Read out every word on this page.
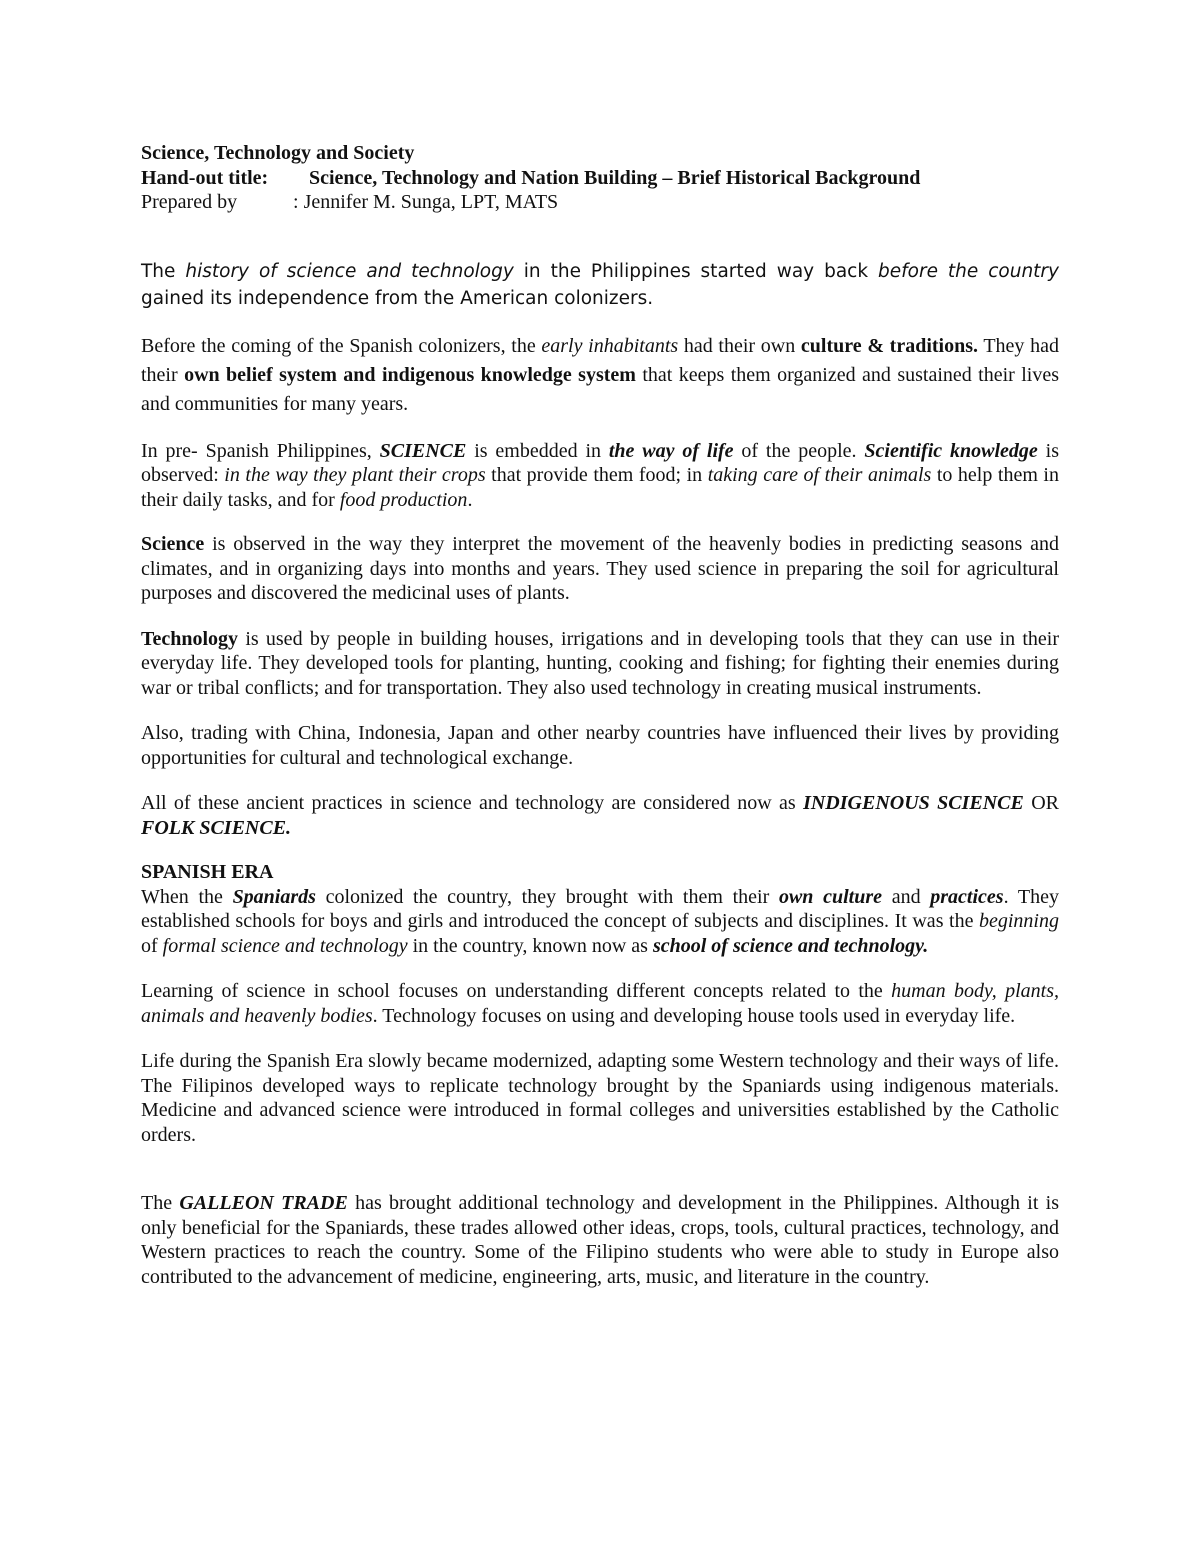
Science, Technology and Society
Hand-out title: Science, Technology and Nation Building – Brief Historical Background
Prepared by	: Jennifer M. Sunga, LPT, MATS

The history of science and technology in the Philippines started way back before the country gained its independence from the American colonizers.

Before the coming of the Spanish colonizers, the early inhabitants had their own culture & traditions. They had their own belief system and indigenous knowledge system that keeps them organized and sustained their lives and communities for many years.

In pre- Spanish Philippines, SCIENCE is embedded in the way of life of the people. Scientific knowledge is observed: in the way they plant their crops that provide them food; in taking care of their animals to help them in their daily tasks, and for food production.

Science is observed in the way they interpret the movement of the heavenly bodies in predicting seasons and climates, and in organizing days into months and years. They used science in preparing the soil for agricultural purposes and discovered the medicinal uses of plants.

Technology is used by people in building houses, irrigations and in developing tools that they can use in their everyday life. They developed tools for planting, hunting, cooking and fishing; for fighting their enemies during war or tribal conflicts; and for transportation. They also used technology in creating musical instruments.

Also, trading with China, Indonesia, Japan and other nearby countries have influenced their lives by providing opportunities for cultural and technological exchange.

All of these ancient practices in science and technology are considered now as INDIGENOUS SCIENCE OR FOLK SCIENCE.

SPANISH ERA

When the Spaniards colonized the country, they brought with them their own culture and practices. They established schools for boys and girls and introduced the concept of subjects and disciplines. It was the beginning of formal science and technology in the country, known now as school of science and technology.

Learning of science in school focuses on understanding different concepts related to the human body, plants, animals and heavenly bodies. Technology focuses on using and developing house tools used in everyday life.

Life during the Spanish Era slowly became modernized, adapting some Western technology and their ways of life. The Filipinos developed ways to replicate technology brought by the Spaniards using indigenous materials. Medicine and advanced science were introduced in formal colleges and universities established by the Catholic orders.

The GALLEON TRADE has brought additional technology and development in the Philippines. Although it is only beneficial for the Spaniards, these trades allowed other ideas, crops, tools, cultural practices, technology, and Western practices to reach the country. Some of the Filipino students who were able to study in Europe also contributed to the advancement of medicine, engineering, arts, music, and literature in the country.
